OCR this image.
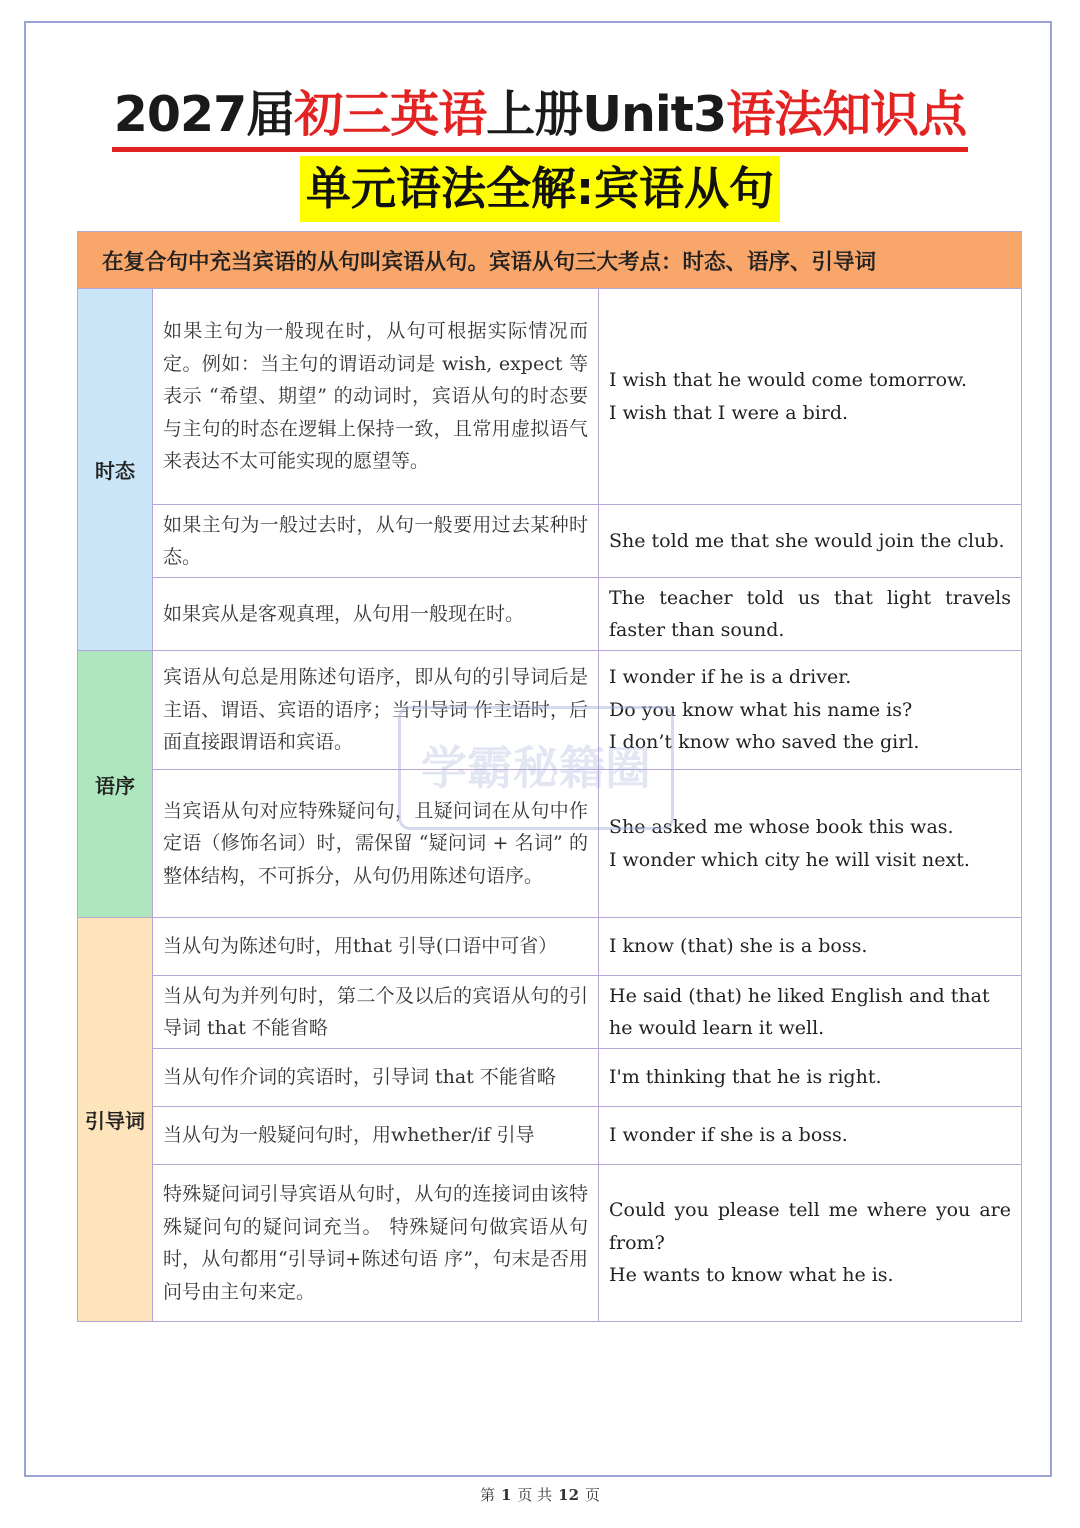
2027届初三英语上册Unit3语法知识点
单元语法全解:宾语从句
在复合句中充当宾语的从句叫宾语从句。宾语从句三大考点：时态、语序、引导词		
时态	如果主句为一般现在时，从句可根据实际情况而定。例如：当主句的谓语动词是 wish, expect 等表示 “希望、期望” 的动词时，宾语从句的时态要与主句的时态在逻辑上保持一致，且常用虚拟语气来表达不太可能实现的愿望等。	I wish that he would come tomorrow.
I wish that I were a bird.

	如果主句为一般过去时，从句一般要用过去某种时态。	She told me that she would join the club.

	如果宾从是客观真理，从句用一般现在时。	The teacher told us that light travels faster than sound.

语序	宾语从句总是用陈述句语序，即从句的引导词后是主语、谓语、宾语的语序；当引导词 作主语时，后面直接跟谓语和宾语。	I wonder if he is a driver.
Do you know what his name is?
I don’t know who saved the girl.

	当宾语从句对应特殊疑问句，且疑问词在从句中作定语（修饰名词）时，需保留 “疑问词 + 名词” 的整体结构，不可拆分，从句仍用陈述句语序。	She asked me whose book this was.
I wonder which city he will visit next.

引导词	当从句为陈述句时，用that 引导(口语中可省）	I know (that) she is a boss.

	当从句为并列句时，第二个及以后的宾语从句的引导词 that 不能省略	He said (that) he liked English and that he would learn it well.

	当从句作介词的宾语时，引导词 that 不能省略	I'm thinking that he is right.

	当从句为一般疑问句时，用whether/if 引导	I wonder if she is a boss.

	特殊疑问词引导宾语从句时，从句的连接词由该特殊疑问句的疑问词充当。 特殊疑问句做宾语从句时，从句都用“引导词+陈述句语 序”，句末是否用问号由主句来定。	Could you please tell me where you are from?
He wants to know what he is.
学霸秘籍圈
第 1 页 共 12 页
